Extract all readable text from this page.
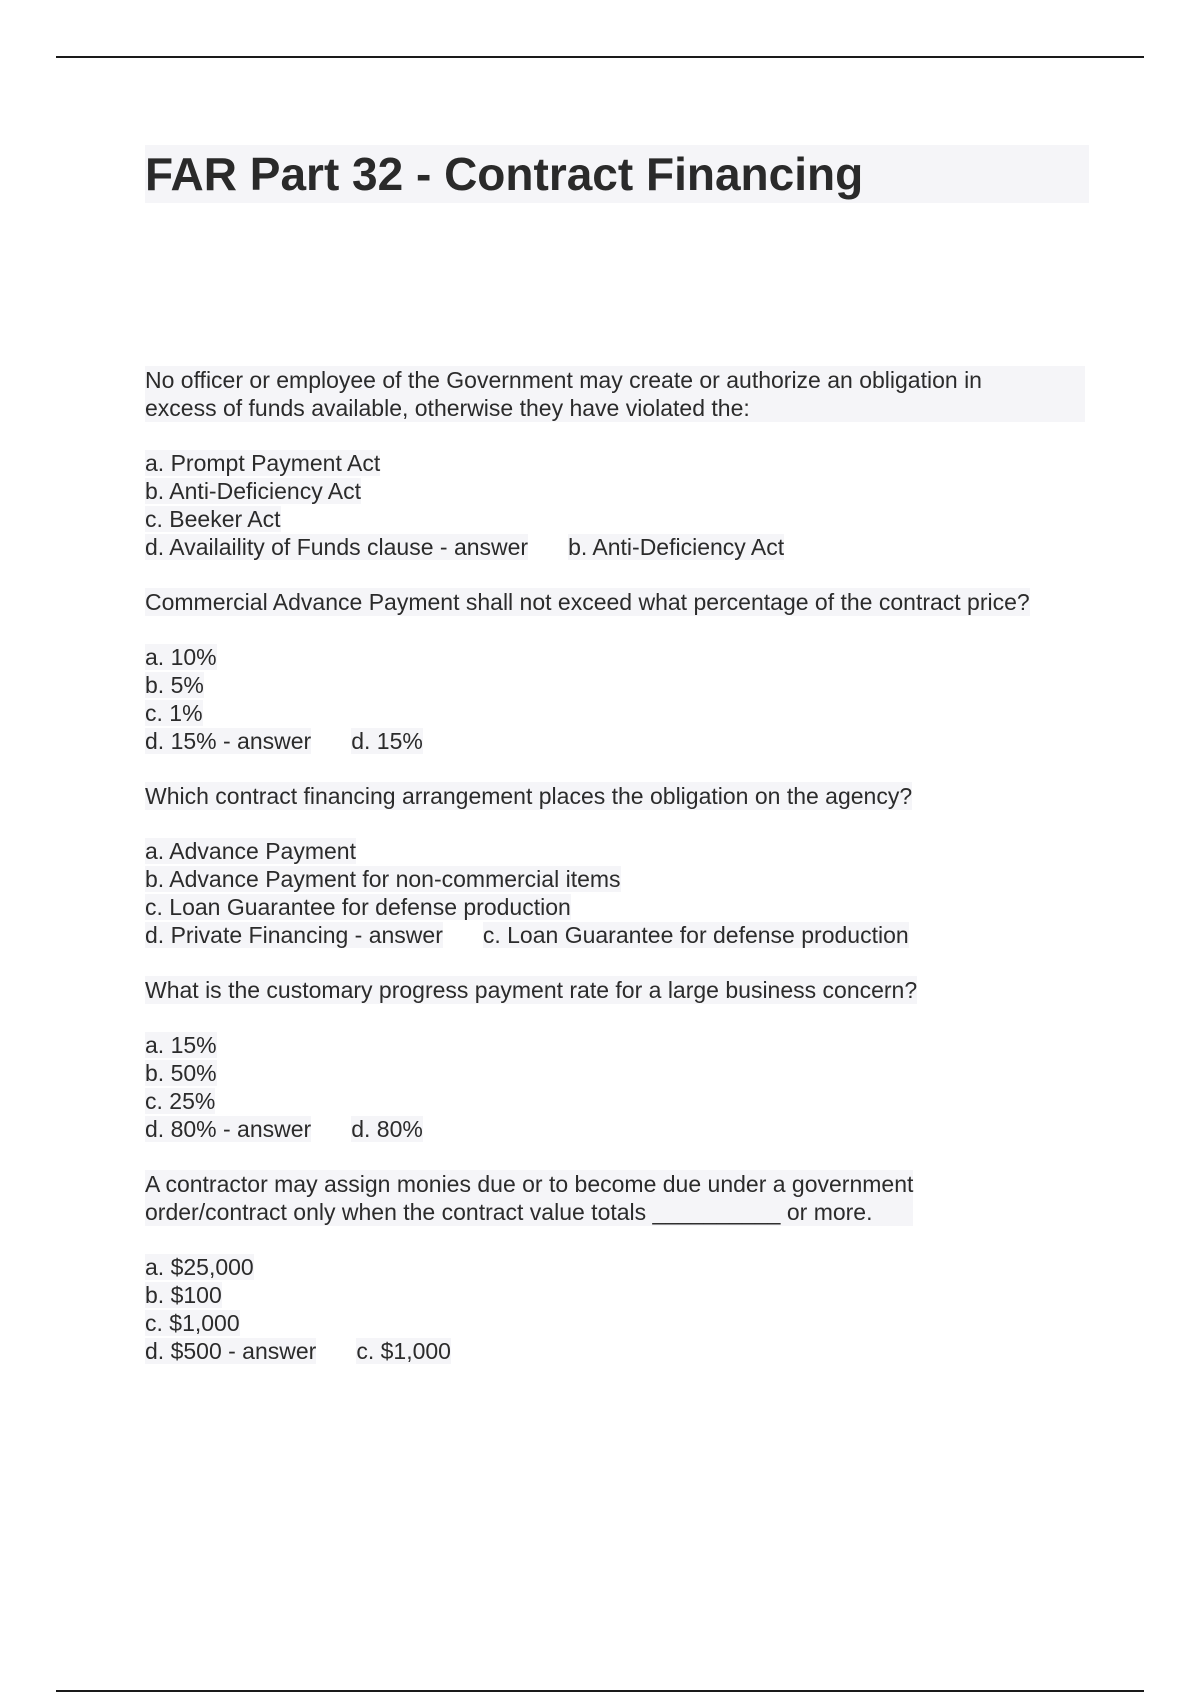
FAR Part 32 - Contract Financing
No officer or employee of the Government may create or authorize an obligation in
excess of funds available, otherwise they have violated the:
a. Prompt Payment Act
b. Anti-Deficiency Act
c. Beeker Act
d. Availaility of Funds clause - answer b. Anti-Deficiency Act
Commercial Advance Payment shall not exceed what percentage of the contract price?
a. 10%
b. 5%
c. 1%
d. 15% - answer d. 15%
Which contract financing arrangement places the obligation on the agency?
a. Advance Payment
b. Advance Payment for non-commercial items
c. Loan Guarantee for defense production
d. Private Financing - answer c. Loan Guarantee for defense production
What is the customary progress payment rate for a large business concern?
a. 15%
b. 50%
c. 25%
d. 80% - answer d. 80%
A contractor may assign monies due or to become due under a government
order/contract only when the contract value totals __________ or more.
a. $25,000
b. $100
c. $1,000
d. $500 - answer c. $1,000
